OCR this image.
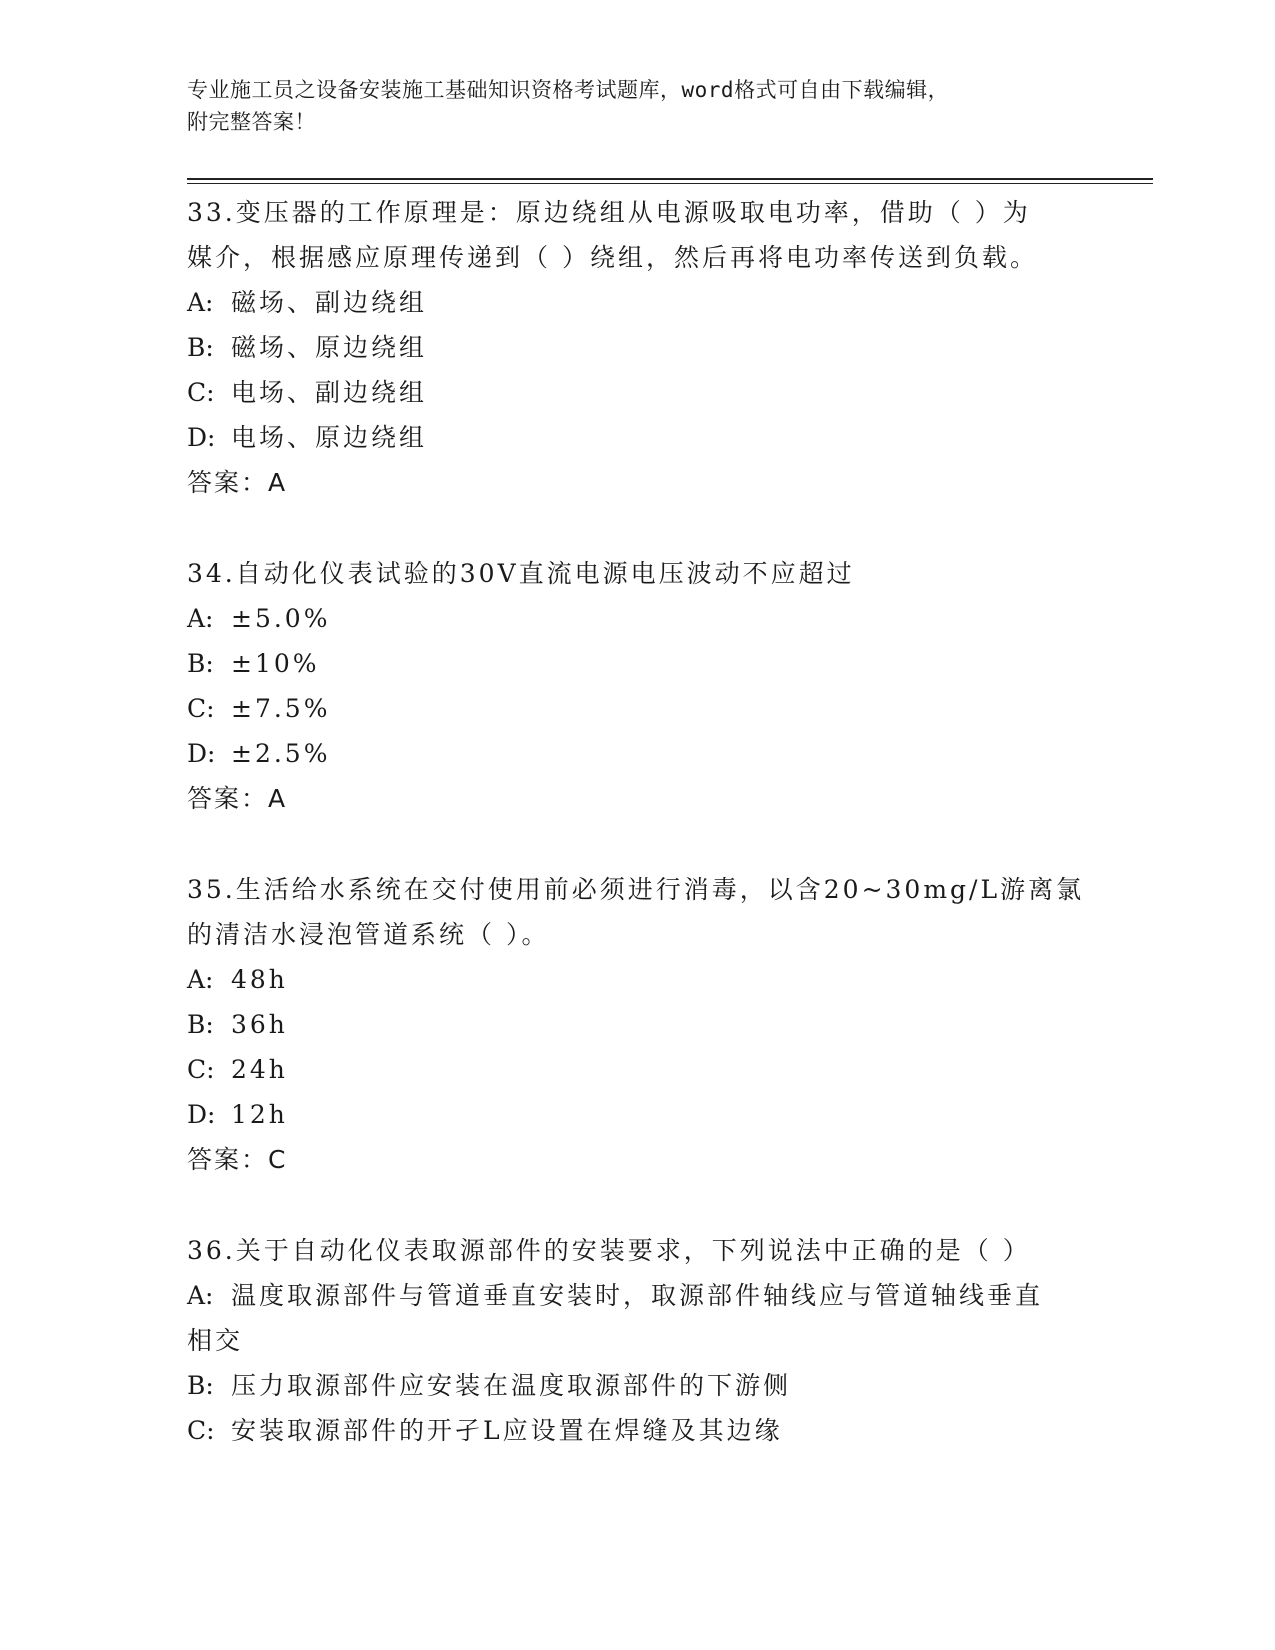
专业施工员之设备安装施工基础知识资格考试题库，word格式可自由下载编辑，
附完整答案！
33.变压器的工作原理是：原边绕组从电源吸取电功率，借助（ ）为
媒介，根据感应原理传递到（ ）绕组，然后再将电功率传送到负载。
A: 磁场、副边绕组
B: 磁场、原边绕组
C: 电场、副边绕组
D: 电场、原边绕组
答案：A
34.自动化仪表试验的30V直流电源电压波动不应超过
A: ±5.0%
B: ±10%
C: ±7.5%
D: ±2.5%
答案：A
35.生活给水系统在交付使用前必须进行消毒，以含20~30mg/L游离氯
的清洁水浸泡管道系统（ ）。
A: 48h
B: 36h
C: 24h
D: 12h
答案：C
36.关于自动化仪表取源部件的安装要求，下列说法中正确的是（ ）
A: 温度取源部件与管道垂直安装时，取源部件轴线应与管道轴线垂直
相交
B: 压力取源部件应安装在温度取源部件的下游侧
C: 安装取源部件的开孑L应设置在焊缝及其边缘
